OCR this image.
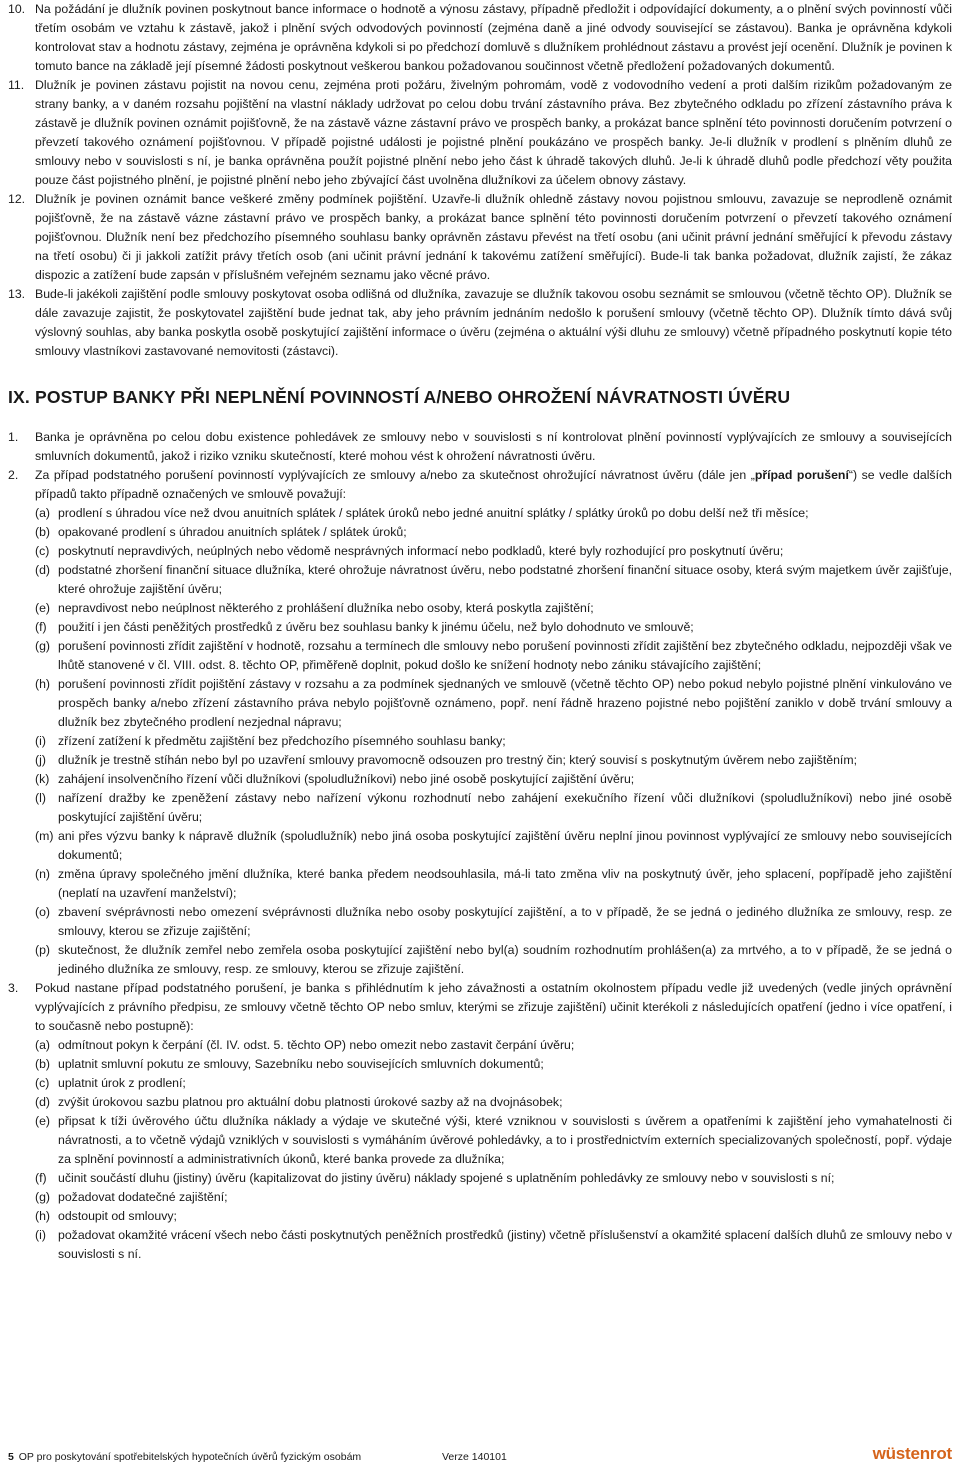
10. Na požádání je dlužník povinen poskytnout bance informace o hodnotě a výnosu zástavy, případně předložit i odpovídající dokumenty, a o plnění svých povinností vůči třetím osobám ve vztahu k zástavě, jakož i plnění svých odvodových povinností (zejména daně a jiné odvody související se zástavou). Banka je oprávněna kdykoli kontrolovat stav a hodnotu zástavy, zejména je oprávněna kdykoli si po předchozí domluvě s dlužníkem prohlédnout zástavu a provést její ocenění. Dlužník je povinen k tomuto bance na základě její písemné žádosti poskytnout veškerou bankou požadovanou součinnost včetně předložení požadovaných dokumentů.
11. Dlužník je povinen zástavu pojistit na novou cenu, zejména proti požáru, živelným pohromám, vodě z vodovodního vedení a proti dalším rizikům požadovaným ze strany banky, a v daném rozsahu pojištění na vlastní náklady udržovat po celou dobu trvání zástavního práva. Bez zbytečného odkladu po zřízení zástavního práva k zástavě je dlužník povinen oznámit pojišťovně, že na zástavě vázne zástavní právo ve prospěch banky, a prokázat bance splnění této povinnosti doručením potvrzení o převzetí takového oznámení pojišťovnou. V případě pojistné události je pojistné plnění poukázáno ve prospěch banky. Je-li dlužník v prodlení s plněním dluhů ze smlouvy nebo v souvislosti s ní, je banka oprávněna použít pojistné plnění nebo jeho část k úhradě takových dluhů. Je-li k úhradě dluhů podle předchozí věty použita pouze část pojistného plnění, je pojistné plnění nebo jeho zbývající část uvolněna dlužníkovi za účelem obnovy zástavy.
12. Dlužník je povinen oznámit bance veškeré změny podmínek pojištění. Uzavře-li dlužník ohledně zástavy novou pojistnou smlouvu, zavazuje se neprodleně oznámit pojišťovně, že na zástavě vázne zástavní právo ve prospěch banky, a prokázat bance splnění této povinnosti doručením potvrzení o převzetí takového oznámení pojišťovnou. Dlužník není bez předchozího písemného souhlasu banky oprávněn zástavu převést na třetí osobu (ani učinit právní jednání směřující k převodu zástavy na třetí osobu) či ji jakkoli zatížit právy třetích osob (ani učinit právní jednání k takovému zatížení směřující). Bude-li tak banka požadovat, dlužník zajistí, že zákaz dispozic a zatížení bude zapsán v příslušném veřejném seznamu jako věcné právo.
13. Bude-li jakékoli zajištění podle smlouvy poskytovat osoba odlišná od dlužníka, zavazuje se dlužník takovou osobu seznámit se smlouvou (včetně těchto OP). Dlužník se dále zavazuje zajistit, že poskytovatel zajištění bude jednat tak, aby jeho právním jednáním nedošlo k porušení smlouvy (včetně těchto OP). Dlužník tímto dává svůj výslovný souhlas, aby banka poskytla osobě poskytující zajištění informace o úvěru (zejména o aktuální výši dluhu ze smlouvy) včetně případného poskytnutí kopie této smlouvy vlastníkovi zastavované nemovitosti (zástavci).
IX. POSTUP BANKY PŘI NEPLNĚNÍ POVINNOSTÍ A/NEBO OHROŽENÍ NÁVRATNOSTI ÚVĚRU
1.	Banka je oprávněna po celou dobu existence pohledávek ze smlouvy nebo v souvislosti s ní kontrolovat plnění povinností vyplývajících ze smlouvy a souvisejících smluvních dokumentů, jakož i riziko vzniku skutečností, které mohou vést k ohrožení návratnosti úvěru.
2.	Za případ podstatného porušení povinností vyplývajících ze smlouvy a/nebo za skutečnost ohrožující návratnost úvěru (dále jen „případ porušení“) se vedle dalších případů takto případně označených ve smlouvě považují:
(a) prodlení s úhradou více než dvou anuitních splátek / splátek úroků nebo jedné anuitní splátky / splátky úroků po dobu delší než tři měsíce;
(b) opakované prodlení s úhradou anuitních splátek / splátek úroků;
(c) poskytnutí nepravdivých, neúplných nebo vědomě nesprávných informací nebo podkladů, které byly rozhodující pro poskytnutí úvěru;
(d) podstatné zhoršení finanční situace dlužníka, které ohrožuje návratnost úvěru, nebo podstatné zhoršení finanční situace osoby, která svým majetkem úvěr zajišťuje, které ohrožuje zajištění úvěru;
(e) nepravdivost nebo neúplnost některého z prohlášení dlužníka nebo osoby, která poskytla zajištění;
(f) použití i jen části peněžitých prostředků z úvěru bez souhlasu banky k jinému účelu, než bylo dohodnuto ve smlouvě;
(g) porušení povinnosti zřídit zajištění v hodnotě, rozsahu a termínech dle smlouvy nebo porušení povinnosti zřídit zajištění bez zbytečného odkladu, nejpozději však ve lhůtě stanovené v čl. VIII. odst. 8. těchto OP, přiměřeně doplnit, pokud došlo ke snížení hodnoty nebo zániku stávajícího zajištění;
(h) porušení povinnosti zřídit pojištění zástavy v rozsahu a za podmínek sjednaných ve smlouvě (včetně těchto OP) nebo pokud nebylo pojistné plnění vinkulováno ve prospěch banky a/nebo zřízení zástavního práva nebylo pojišťovně oznámeno, popř. není řádně hrazeno pojistné nebo pojištění zaniklo v době trvání smlouvy a dlužník bez zbytečného prodlení nezjednal nápravu;
(i) zřízení zatížení k předmětu zajištění bez předchozího písemného souhlasu banky;
(j) dlužník je trestně stíhán nebo byl po uzavření smlouvy pravomocně odsouzen pro trestný čin; který souvisí s poskytnutým úvěrem nebo zajištěním;
(k) zahájení insolvenčního řízení vůči dlužníkovi (spoludlužníkovi) nebo jiné osobě poskytující zajištění úvěru;
(l) nařízení dražby ke zpeněžení zástavy nebo nařízení výkonu rozhodnutí nebo zahájení exekučního řízení vůči dlužníkovi (spoludlužníkovi) nebo jiné osobě poskytující zajištění úvěru;
(m) ani přes výzvu banky k nápravě dlužník (spoludlužník) nebo jiná osoba poskytující zajištění úvěru neplní jinou povinnost vyplývající ze smlouvy nebo souvisejících dokumentů;
(n) změna úpravy společného jmění dlužníka, které banka předem neodsouhlasila, má-li tato změna vliv na poskytnutý úvěr, jeho splacení, popřípadě jeho zajištění (neplatí na uzavření manželství);
(o) zbavení svéprávnosti nebo omezení svéprávnosti dlužníka nebo osoby poskytující zajištění, a to v případě, že se jedná o jediného dlužníka ze smlouvy, resp. ze smlouvy, kterou se zřizuje zajištění;
(p) skutečnost, že dlužník zemřel nebo zemřela osoba poskytující zajištění nebo byl(a) soudním rozhodnutím prohlášen(a) za mrtvého, a to v případě, že se jedná o jediného dlužníka ze smlouvy, resp. ze smlouvy, kterou se zřizuje zajištění.
3.	Pokud nastane případ podstatného porušení, je banka s přihlédnutím k jeho závažnosti a ostatním okolnostem případu vedle již uvedených (vedle jiných oprávnění vyplývajících z právního předpisu, ze smlouvy včetně těchto OP nebo smluv, kterými se zřizuje zajištění) učinit kterékoli z následujících opatření (jedno i více opatření, i to současně nebo postupně):
(a) odmítnout pokyn k čerpání (čl. IV. odst. 5. těchto OP) nebo omezit nebo zastavit čerpání úvěru;
(b) uplatnit smluvní pokutu ze smlouvy, Sazebníku nebo souvisejících smluvních dokumentů;
(c) uplatnit úrok z prodlení;
(d) zvýšit úrokovou sazbu platnou pro aktuální dobu platnosti úrokové sazby až na dvojnásobek;
(e) připsat k tíži úvěrového účtu dlužníka náklady a výdaje ve skutečné výši, které vzniknou v souvislosti s úvěrem a opatřeními k zajištění jeho vymahatelnosti či návratnosti, a to včetně výdajů vzniklých v souvislosti s vymáháním úvěrové pohledávky, a to i prostřednictvím externích specializovaných společností, popř. výdaje za splnění povinností a administrativních úkonů, které banka provede za dlužníka;
(f) učinit součástí dluhu (jistiny) úvěru (kapitalizovat do jistiny úvěru) náklady spojené s uplatněním pohledávky ze smlouvy nebo v souvislosti s ní;
(g) požadovat dodatečné zajištění;
(h) odstoupit od smlouvy;
(i) požadovat okamžité vrácení všech nebo části poskytnutých peněžních prostředků (jistiny) včetně příslušenství a okamžité splacení dalších dluhů ze smlouvy nebo v souvislosti s ní.
5 OP pro poskytování spotřebitelských hypotečních úvěrů fyzickým osobám	Verze 140101	wüstenrot
